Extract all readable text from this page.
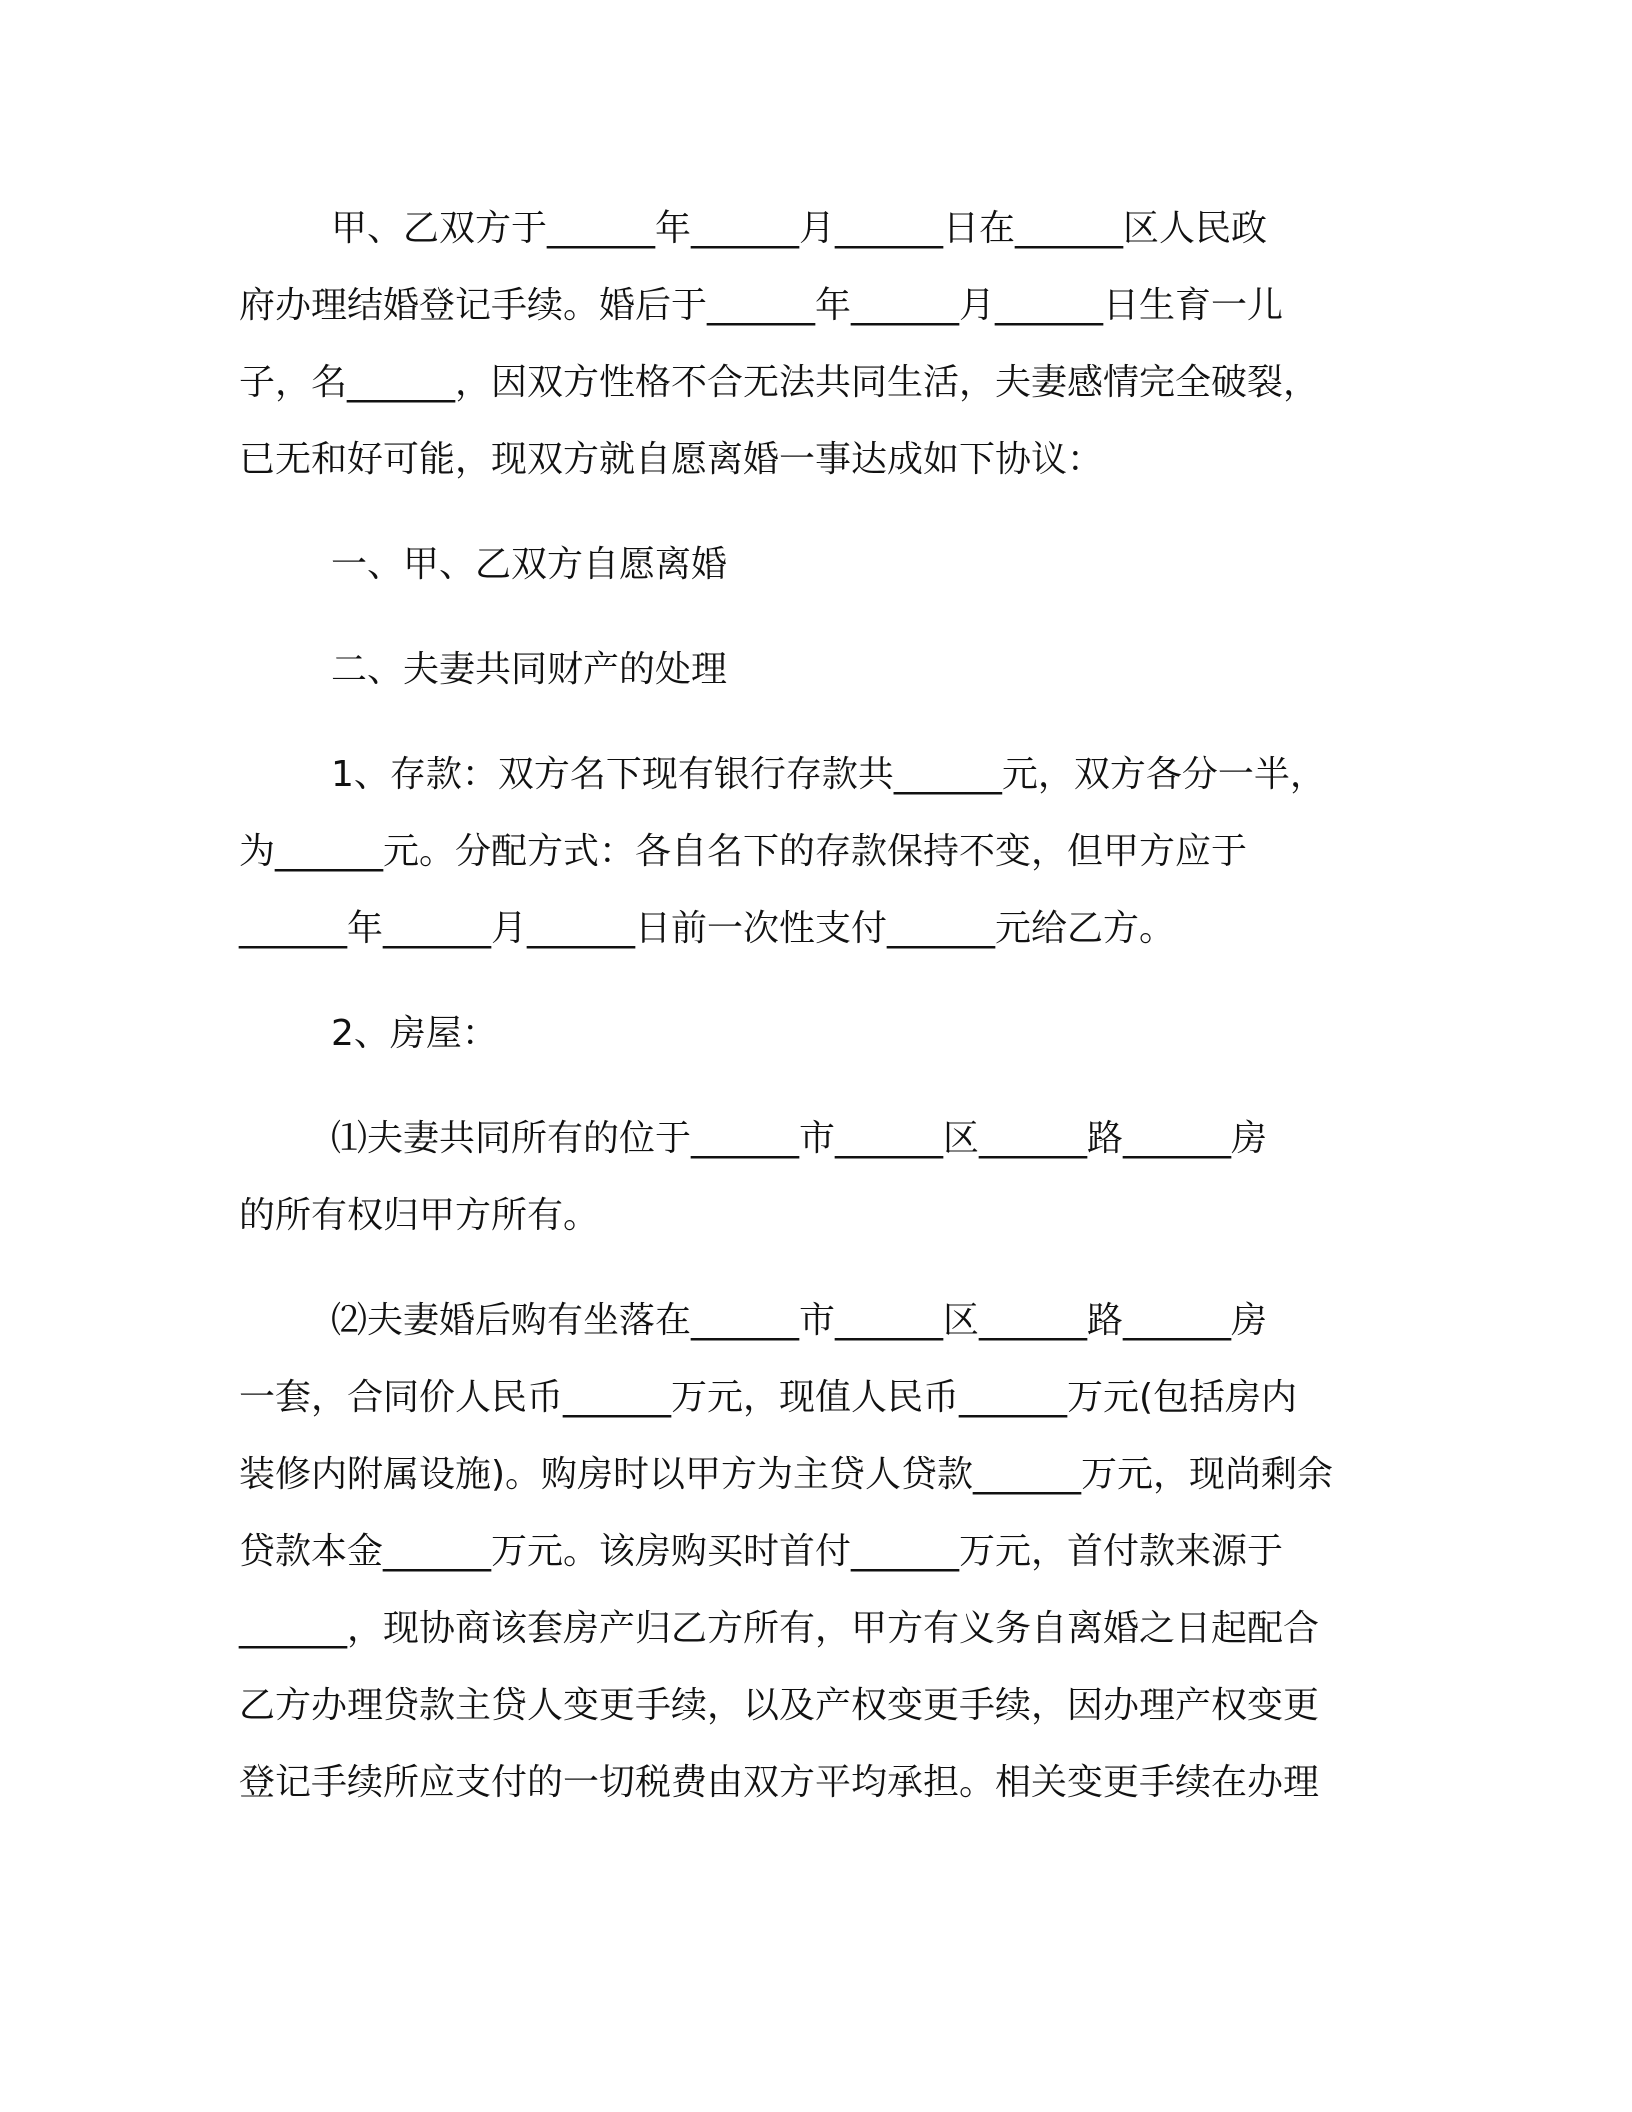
甲、乙双方于______年______月______日在______区人民政
府办理结婚登记手续。婚后于______年______月______日生育一儿
子，名______，因双方性格不合无法共同生活，夫妻感情完全破裂，
已无和好可能，现双方就自愿离婚一事达成如下协议：
一、甲、乙双方自愿离婚
二、夫妻共同财产的处理
1、存款：双方名下现有银行存款共______元，双方各分一半，
为______元。分配方式：各自名下的存款保持不变，但甲方应于
______年______月______日前一次性支付______元给乙方。
2、房屋：
⑴夫妻共同所有的位于______市______区______路______房
的所有权归甲方所有。
⑵夫妻婚后购有坐落在______市______区______路______房
一套，合同价人民币______万元，现值人民币______万元(包括房内
装修内附属设施)。购房时以甲方为主贷人贷款______万元，现尚剩余
贷款本金______万元。该房购买时首付______万元，首付款来源于
______，现协商该套房产归乙方所有，甲方有义务自离婚之日起配合
乙方办理贷款主贷人变更手续，以及产权变更手续，因办理产权变更
登记手续所应支付的一切税费由双方平均承担。相关变更手续在办理
